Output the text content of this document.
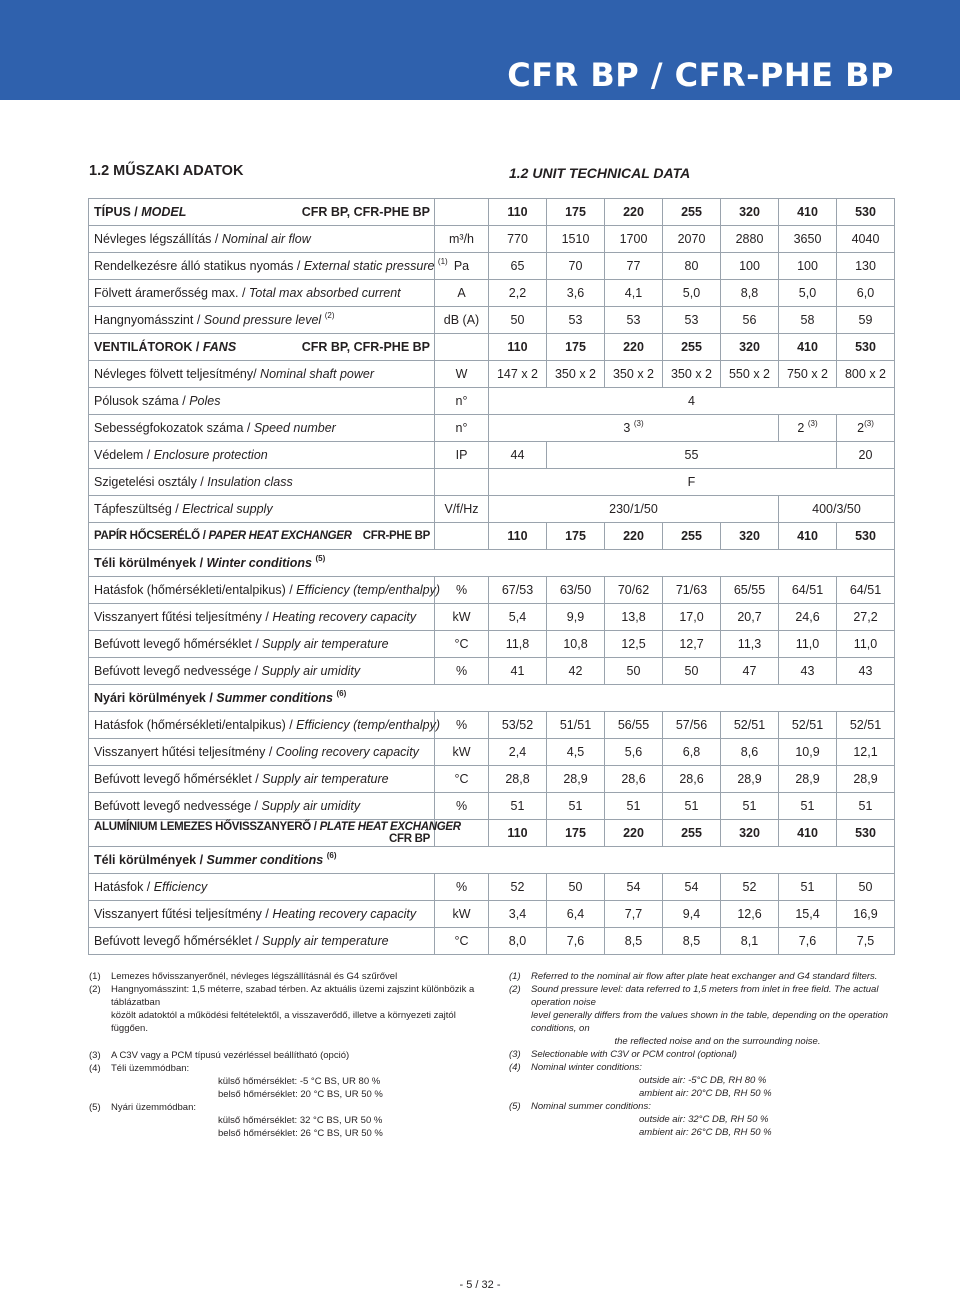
CFR BP / CFR-PHE BP
1.2 MŰSZAKI ADATOK	1.2 UNIT TECHNICAL DATA
TÍPUS / MODEL CFR BP, CFR-PHE BP		110	175	220	255	320	410	530
Névleges légszállítás / Nominal air flow	m³/h	770	1510	1700	2070	2880	3650	4040
Rendelkezésre álló statikus nyomás / External static pressure $^{(1)}$	Pa	65	70	77	80	100	100	130
Fölvett áramerősség max. / Total max absorbed current	A	2,2	3,6	4,1	5,0	8,8	5,0	6,0
Hangnyomásszint / Sound pressure level $^{(2)}$	dB (A)	50	53	53	53	56	58	59
VENTILÁTOROK / FANS CFR BP, CFR-PHE BP		110	175	220	255	320	410	530
Névleges fölvett teljesítmény/ Nominal shaft power	W	147 x 2	350 x 2	350 x 2	350 x 2	550 x 2	750 x 2	800 x 2
Pólusok száma / Poles	n°	4						
Sebességfokozatok száma / Speed number	n°	3 $^{(3)}$					2 $^{(3)}$	2$^{(3)}$
Védelem / Enclosure protection	IP	44	55					20
Szigetelési osztály / Insulation class		F						
Tápfeszültség / Electrical supply	V/f/Hz	230/1/50					400/3/50	
PAPÍR HŐCSERÉLŐ / PAPER HEAT EXCHANGER CFR-PHE BP		110	175	220	255	320	410	530
Téli körülmények / Winter conditions $^{(5)}$
Hatásfok (hőmérsékleti/entalpikus) / Efficiency (temp/enthalpy)	%	67/53	63/50	70/62	71/63	65/55	64/51	64/51
Visszanyert fűtési teljesítmény / Heating recovery capacity	kW	5,4	9,9	13,8	17,0	20,7	24,6	27,2
Befúvott levegő hőmérséklet / Supply air temperature	°C	11,8	10,8	12,5	12,7	11,3	11,0	11,0
Befúvott levegő nedvessége / Supply air umidity	%	41	42	50	50	47	43	43
Nyári körülmények / Summer conditions $^{(6)}$
Hatásfok (hőmérsékleti/entalpikus) / Efficiency (temp/enthalpy)	%	53/52	51/51	56/55	57/56	52/51	52/51	52/51
Visszanyert hűtési teljesítmény / Cooling recovery capacity	kW	2,4	4,5	5,6	6,8	8,6	10,9	12,1
Befúvott levegő hőmérséklet / Supply air temperature	°C	28,8	28,9	28,6	28,6	28,9	28,9	28,9
Befúvott levegő nedvessége / Supply air umidity	%	51	51	51	51	51	51	51
ALUMÍNIUM LEMEZES HŐVISSZANYERŐ / PLATE HEAT EXCHANGER
CFR BP		110	175	220	255	320	410	530
Téli körülmények / Summer conditions $^{(6)}$
Hatásfok / Efficiency	%	52	50	54	54	52	51	50
Visszanyert fűtési teljesítmény / Heating recovery capacity	kW	3,4	6,4	7,7	9,4	12,6	15,4	16,9
Befúvott levegő hőmérséklet / Supply air temperature	°C	8,0	7,6	8,5	8,5	8,1	7,6	7,5
(1) Lemezes hővisszanyerőnél, névleges légszállításnál és G4 szűrővel
(2) Hangnyomásszint: 1,5 méterre, szabad térben. Az aktuális üzemi zajszint különbözik a táblázatban
közölt adatoktól a működési feltételektől, a visszaverődő, illetve a környezeti zajtól függően.
(3) A C3V vagy a PCM típusú vezérléssel beállítható (opció)
(4) Téli üzemmódban:
külső hőmérséklet: -5 °C BS, UR 80 %
belső hőmérséklet: 20 °C BS, UR 50 %
(5) Nyári üzemmódban:
külső hőmérséklet: 32 °C BS, UR 50 %
belső hőmérséklet: 26 °C BS, UR 50 %
(1) Referred to the nominal air flow after plate heat exchanger and G4 standard filters.
(2) Sound pressure level: data referred to 1,5 meters from inlet in free field. The actual operation noise
level generally differs from the values shown in the table, depending on the operation conditions, on
the reflected noise and on the surrounding noise.
(3) Selectionable with C3V or PCM control (optional)
(4) Nominal winter conditions:
outside air: -5°C DB, RH 80 %
ambient air: 20°C DB, RH 50 %
(5) Nominal summer conditions:
outside air: 32°C DB, RH 50 %
ambient air: 26°C DB, RH 50 %
- 5 / 32 -
